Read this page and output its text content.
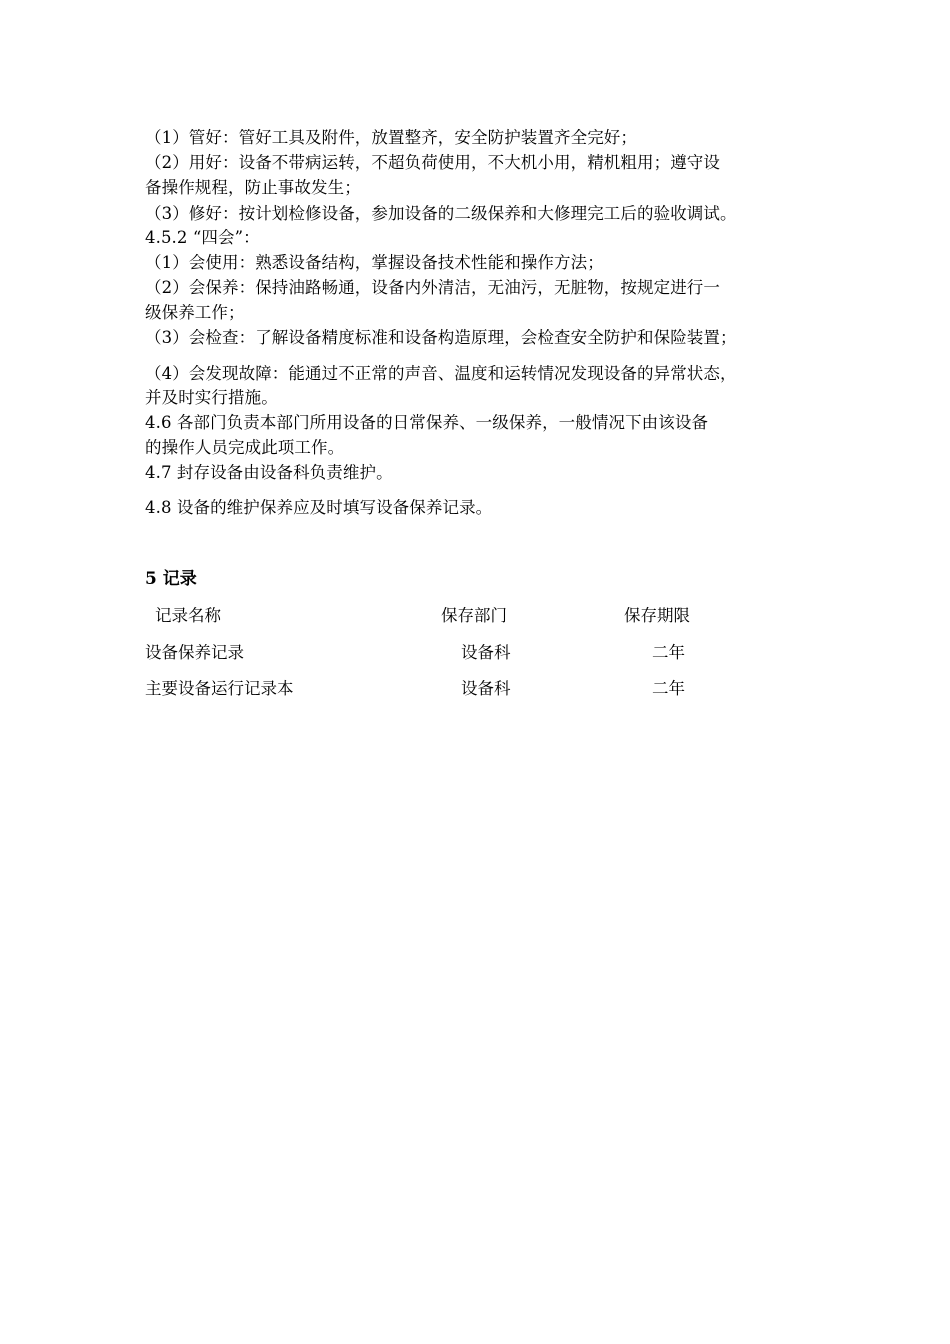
（1）管好：管好工具及附件，放置整齐，安全防护装置齐全完好；
（2）用好：设备不带病运转，不超负荷使用，不大机小用，精机粗用；遵守设
备操作规程，防止事故发生；
（3）修好：按计划检修设备，参加设备的二级保养和大修理完工后的验收调试。
4.5.2 “四会”：
（1）会使用：熟悉设备结构，掌握设备技术性能和操作方法；
（2）会保养：保持油路畅通，设备内外清洁，无油污，无脏物，按规定进行一
级保养工作；
（3）会检查：了解设备精度标准和设备构造原理，会检查安全防护和保险装置；
（4）会发现故障：能通过不正常的声音、温度和运转情况发现设备的异常状态，
并及时实行措施。
4.6 各部门负责本部门所用设备的日常保养、一级保养，一般情况下由该设备
的操作人员完成此项工作。
4.7 封存设备由设备科负责维护。
4.8 设备的维护保养应及时填写设备保养记录。
5 记录
记录名称	保存部门	保存期限
设备保养记录	设备科	二年
主要设备运行记录本	设备科	二年
